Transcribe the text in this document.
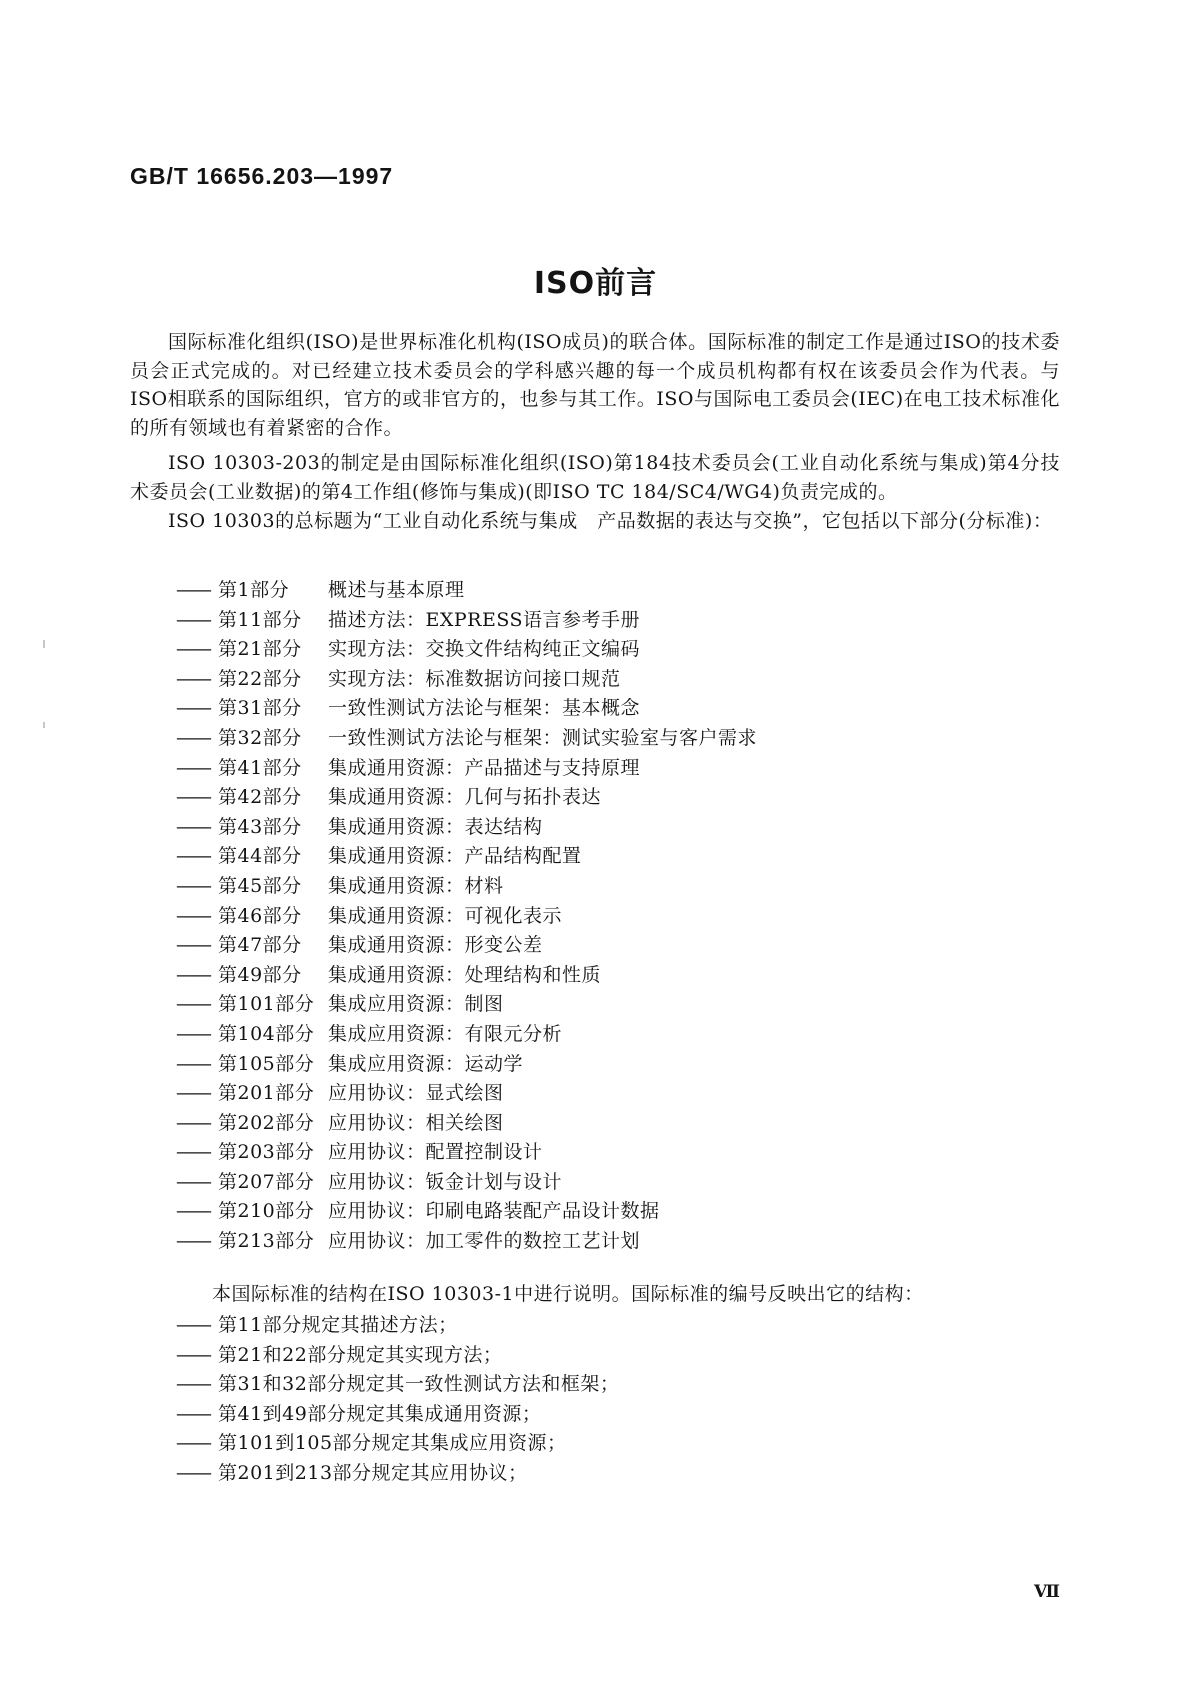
GB/T 16656.203—1997
ISO前言

国际标准化组织(ISO)是世界标准化机构(ISO成员)的联合体。国际标准的制定工作是通过ISO的技术委员会正式完成的。对已经建立技术委员会的学科感兴趣的每一个成员机构都有权在该委员会作为代表。与ISO相联系的国际组织，官方的或非官方的，也参与其工作。ISO与国际电工委员会(IEC)在电工技术标准化的所有领域也有着紧密的合作。

ISO 10303-203的制定是由国际标准化组织(ISO)第184技术委员会(工业自动化系统与集成)第4分技术委员会(工业数据)的第4工作组(修饰与集成)(即ISO TC 184/SC4/WG4)负责完成的。

ISO 10303的总标题为“工业自动化系统与集成　产品数据的表达与交换”，它包括以下部分(分标准)：

—— 第1部分 概述与基本原理
—— 第11部分 描述方法：EXPRESS语言参考手册
—— 第21部分 实现方法：交换文件结构纯正文编码
—— 第22部分 实现方法：标准数据访问接口规范
—— 第31部分 一致性测试方法论与框架：基本概念
—— 第32部分 一致性测试方法论与框架：测试实验室与客户需求
—— 第41部分 集成通用资源：产品描述与支持原理
—— 第42部分 集成通用资源：几何与拓扑表达
—— 第43部分 集成通用资源：表达结构
—— 第44部分 集成通用资源：产品结构配置
—— 第45部分 集成通用资源：材料
—— 第46部分 集成通用资源：可视化表示
—— 第47部分 集成通用资源：形变公差
—— 第49部分 集成通用资源：处理结构和性质
—— 第101部分 集成应用资源：制图
—— 第104部分 集成应用资源：有限元分析
—— 第105部分 集成应用资源：运动学
—— 第201部分 应用协议：显式绘图
—— 第202部分 应用协议：相关绘图
—— 第203部分 应用协议：配置控制设计
—— 第207部分 应用协议：钣金计划与设计
—— 第210部分 应用协议：印刷电路装配产品设计数据
—— 第213部分 应用协议：加工零件的数控工艺计划

本国际标准的结构在ISO 10303-1中进行说明。国际标准的编号反映出它的结构：

—— 第11部分规定其描述方法；
—— 第21和22部分规定其实现方法；
—— 第31和32部分规定其一致性测试方法和框架；
—— 第41到49部分规定其集成通用资源；
—— 第101到105部分规定其集成应用资源；
—— 第201到213部分规定其应用协议；
Ⅶ
